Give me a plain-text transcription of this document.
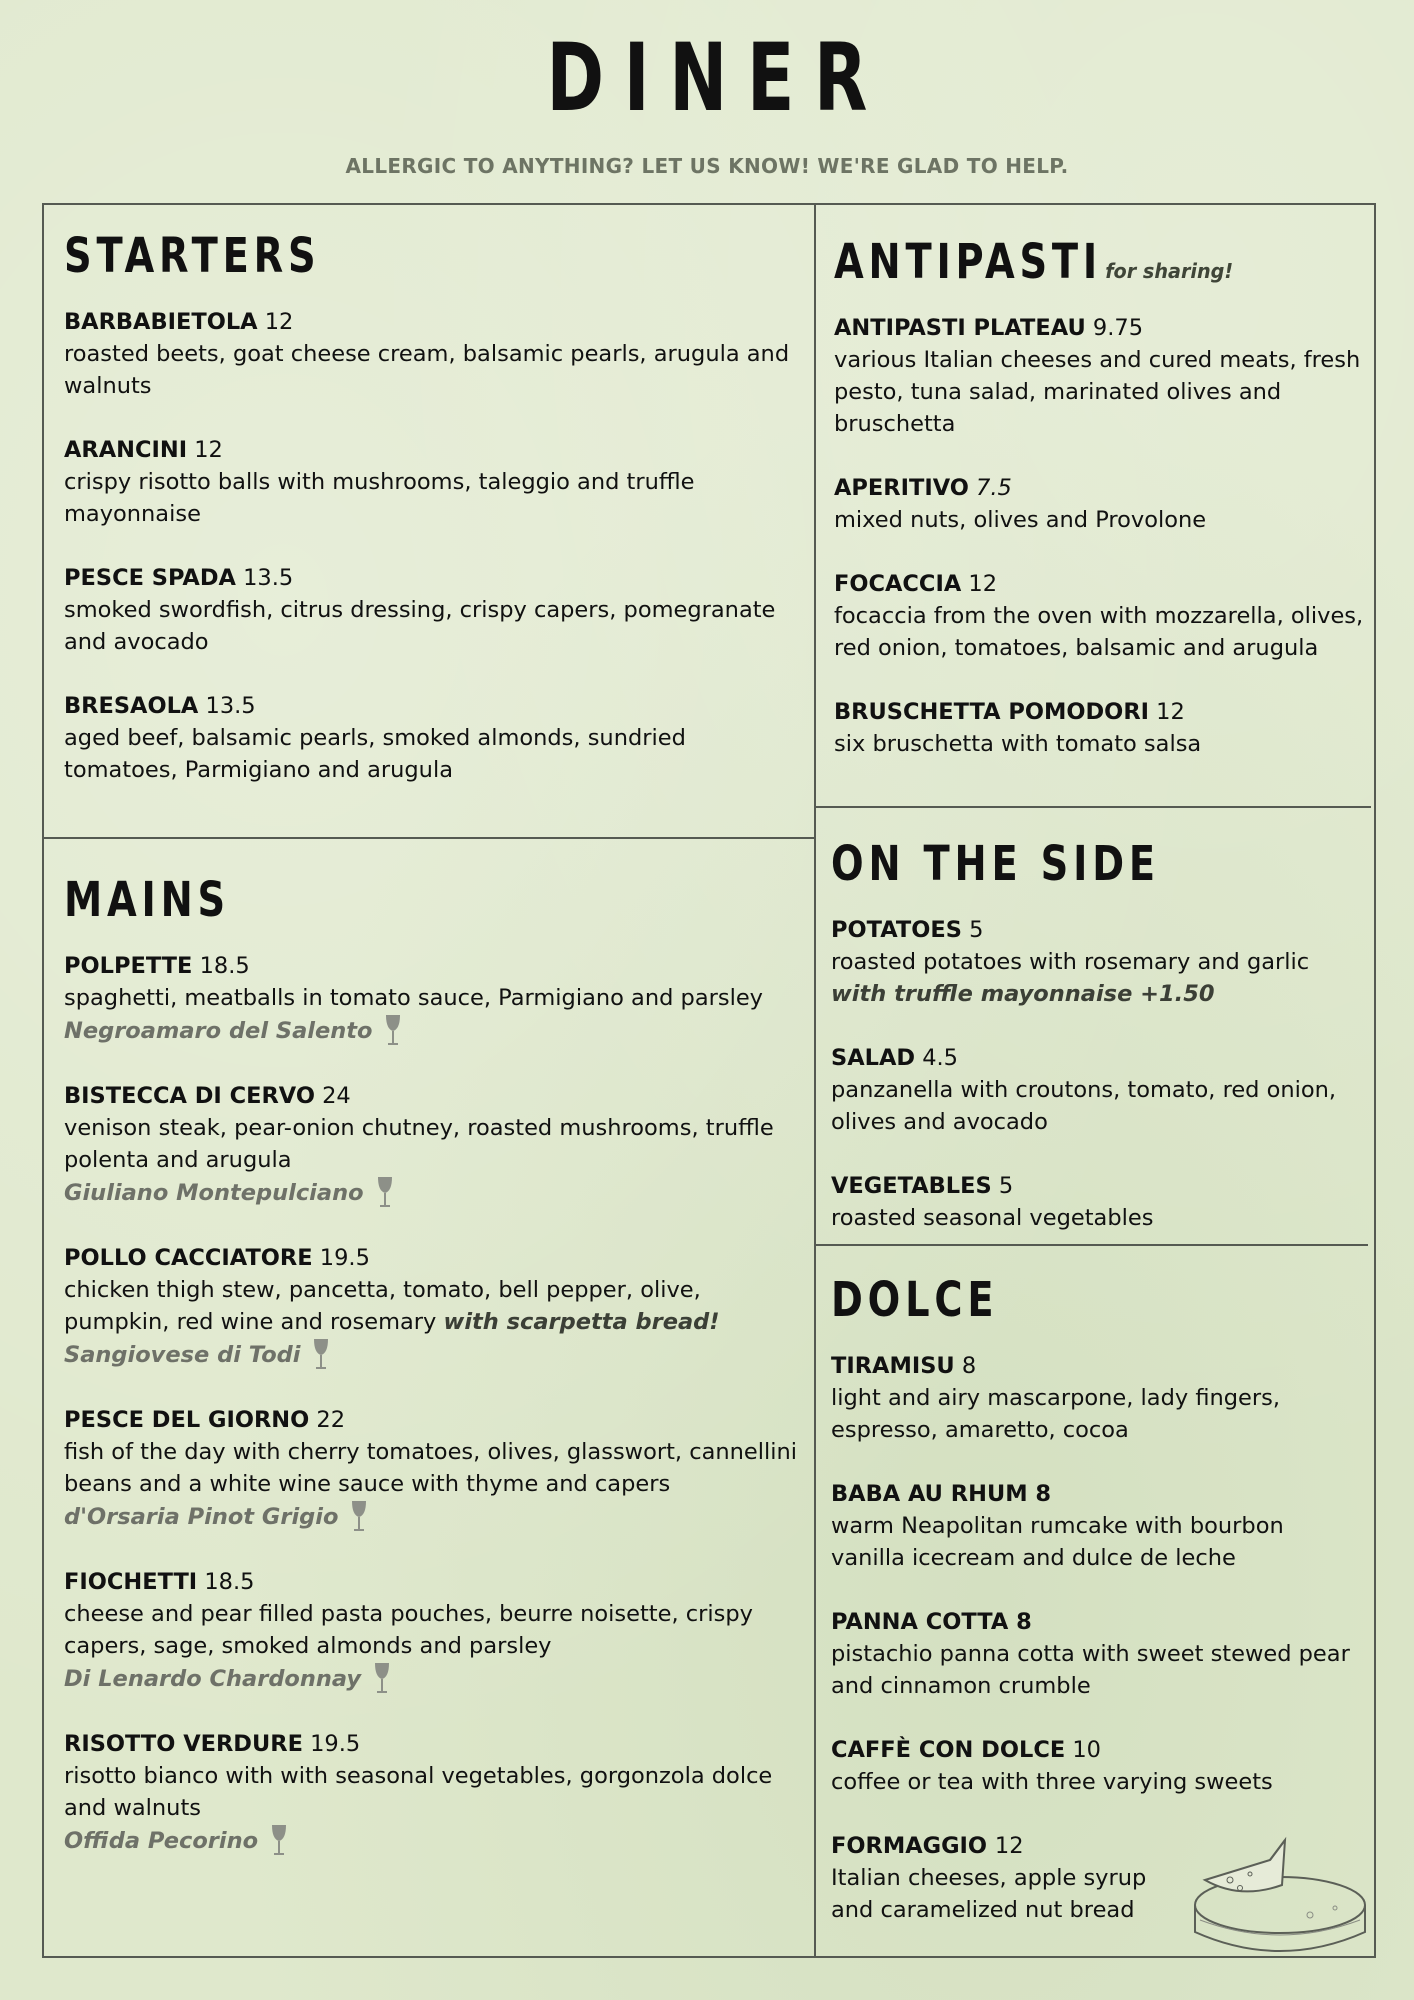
DINER
ALLERGIC TO ANYTHING? LET US KNOW! WE'RE GLAD TO HELP.
STARTERS
BARBABIETOLA 12
roasted beets, goat cheese cream, balsamic pearls, arugula and walnuts
ARANCINI 12
crispy risotto balls with mushrooms, taleggio and truffle mayonnaise
PESCE SPADA 13.5
smoked swordfish, citrus dressing, crispy capers, pomegranate and avocado
BRESAOLA 13.5
aged beef, balsamic pearls, smoked almonds, sundried tomatoes, Parmigiano and arugula
MAINS
POLPETTE 18.5
spaghetti, meatballs in tomato sauce, Parmigiano and parsley
Negroamaro del Salento
BISTECCA DI CERVO 24
venison steak, pear-onion chutney, roasted mushrooms, truffle polenta and arugula
Giuliano Montepulciano
POLLO CACCIATORE 19.5
chicken thigh stew, pancetta, tomato, bell pepper, olive, pumpkin, red wine and rosemary with scarpetta bread!
Sangiovese di Todi
PESCE DEL GIORNO 22
fish of the day with cherry tomatoes, olives, glasswort, cannellini beans and a white wine sauce with thyme and capers
d'Orsaria Pinot Grigio
FIOCHETTI 18.5
cheese and pear filled pasta pouches, beurre noisette, crispy capers, sage, smoked almonds and parsley
Di Lenardo Chardonnay
RISOTTO VERDURE 19.5
risotto bianco with with seasonal vegetables, gorgonzola dolce and walnuts
Offida Pecorino
ANTIPASTI for sharing!
ANTIPASTI PLATEAU 9.75
various Italian cheeses and cured meats, fresh pesto, tuna salad, marinated olives and bruschetta
APERITIVO 7.5
mixed nuts, olives and Provolone
FOCACCIA 12
focaccia from the oven with mozzarella, olives, red onion, tomatoes, balsamic and arugula
BRUSCHETTA POMODORI 12
six bruschetta with tomato salsa
ON THE SIDE
POTATOES 5
roasted potatoes with rosemary and garlic
with truffle mayonnaise +1.50
SALAD 4.5
panzanella with croutons, tomato, red onion, olives and avocado
VEGETABLES 5
roasted seasonal vegetables
DOLCE
TIRAMISU 8
light and airy mascarpone, lady fingers, espresso, amaretto, cocoa
BABA AU RHUM 8
warm Neapolitan rumcake with bourbon vanilla icecream and dulce de leche
PANNA COTTA 8
pistachio panna cotta with sweet stewed pear and cinnamon crumble
CAFFÈ CON DOLCE 10
coffee or tea with three varying sweets
FORMAGGIO 12
Italian cheeses, apple syrup and caramelized nut bread
